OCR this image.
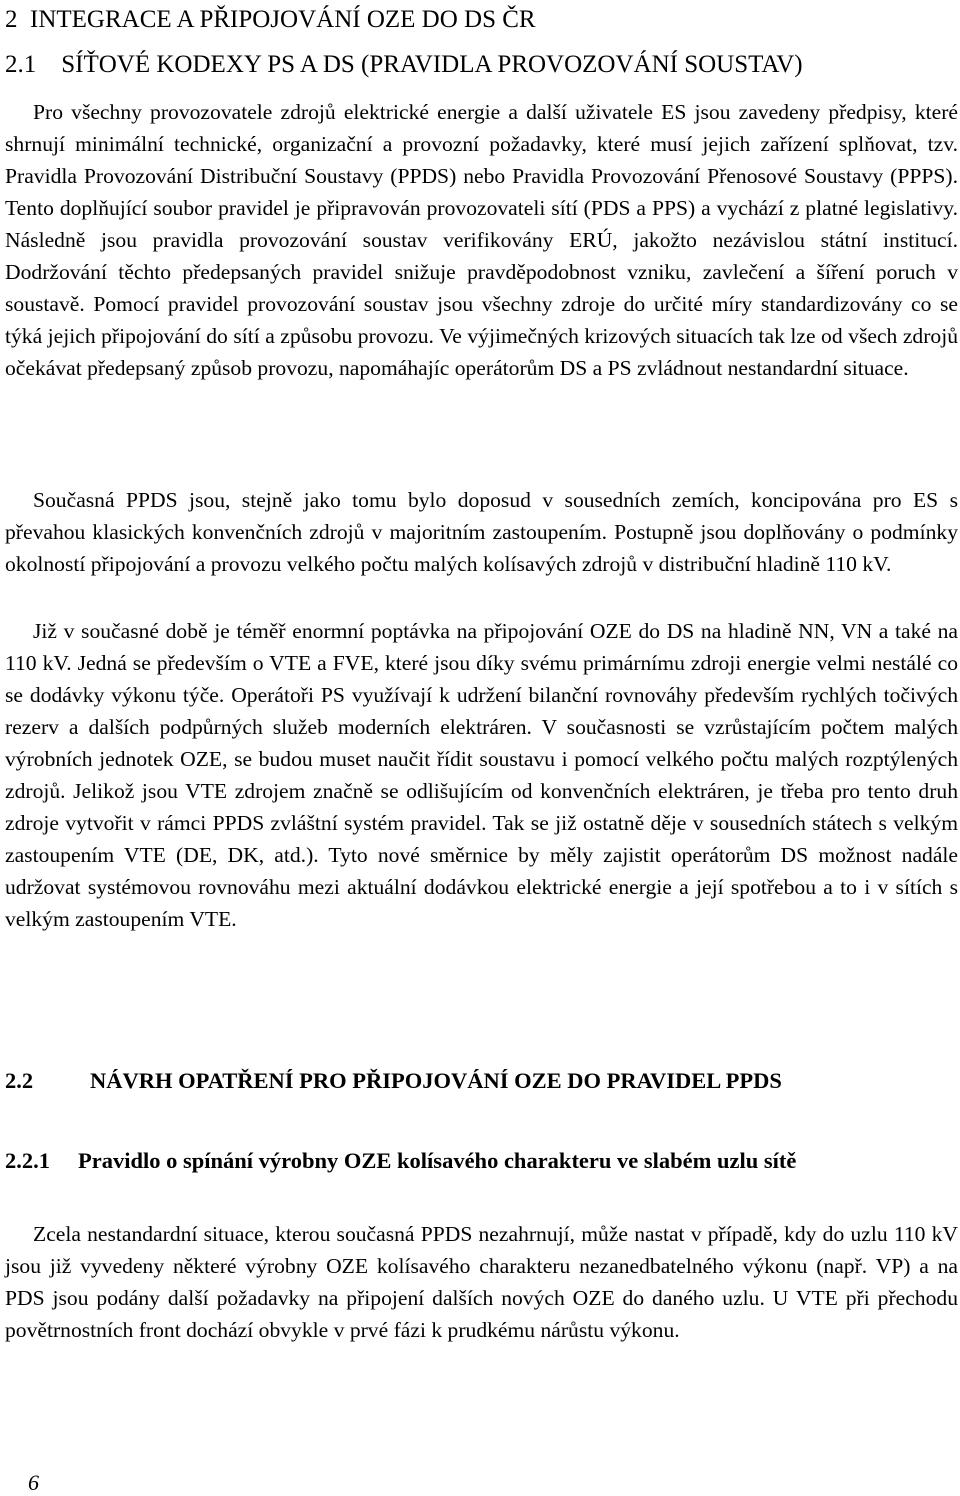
2 INTEGRACE A PŘIPOJOVÁNÍ OZE DO DS ČR
2.1 SÍŤOVÉ KODEXY PS A DS (PRAVIDLA PROVOZOVÁNÍ SOUSTAV)

Pro všechny provozovatele zdrojů elektrické energie a další uživatele ES jsou zavedeny předpisy, které shrnují minimální technické, organizační a provozní požadavky, které musí jejich zařízení splňovat, tzv. Pravidla Provozování Distribuční Soustavy (PPDS) nebo Pravidla Provozování Přenosové Soustavy (PPPS). Tento doplňující soubor pravidel je připravován provozovateli sítí (PDS a PPS) a vychází z platné legislativy. Následně jsou pravidla provozování soustav verifikovány ERÚ, jakožto nezávislou státní institucí. Dodržování těchto předepsaných pravidel snižuje pravděpodobnost vzniku, zavlečení a šíření poruch v soustavě. Pomocí pravidel provozování soustav jsou všechny zdroje do určité míry standardizovány co se týká jejich připojování do sítí a způsobu provozu. Ve výjimečných krizových situacích tak lze od všech zdrojů očekávat předepsaný způsob provozu, napomáhajíc operátorům DS a PS zvládnout nestandardní situace.

Současná PPDS jsou, stejně jako tomu bylo doposud v sousedních zemích, koncipována pro ES s převahou klasických konvenčních zdrojů v majoritním zastoupením. Postupně jsou doplňovány o podmínky okolností připojování a provozu velkého počtu malých kolísavých zdrojů v distribuční hladině 110 kV.

Již v současné době je téměř enormní poptávka na připojování OZE do DS na hladině NN, VN a také na 110 kV. Jedná se především o VTE a FVE, které jsou díky svému primárnímu zdroji energie velmi nestálé co se dodávky výkonu týče. Operátoři PS využívají k udržení bilanční rovnováhy především rychlých točivých rezerv a dalších podpůrných služeb moderních elektráren. V současnosti se vzrůstajícím počtem malých výrobních jednotek OZE, se budou muset naučit řídit soustavu i pomocí velkého počtu malých rozptýlených zdrojů. Jelikož jsou VTE zdrojem značně se odlišujícím od konvenčních elektráren, je třeba pro tento druh zdroje vytvořit v rámci PPDS zvláštní systém pravidel. Tak se již ostatně děje v sousedních státech s velkým zastoupením VTE (DE, DK, atd.). Tyto nové směrnice by měly zajistit operátorům DS možnost nadále udržovat systémovou rovnováhu mezi aktuální dodávkou elektrické energie a její spotřebou a to i v sítích s velkým zastoupením VTE.

2.2	NÁVRH OPATŘENÍ PRO PŘIPOJOVÁNÍ OZE DO PRAVIDEL PPDS
2.2.1 Pravidlo o spínání výrobny OZE kolísavého charakteru ve slabém uzlu sítě

Zcela nestandardní situace, kterou současná PPDS nezahrnují, může nastat v případě, kdy do uzlu 110 kV jsou již vyvedeny některé výrobny OZE kolísavého charakteru nezanedbatelného výkonu (např. VP) a na PDS jsou podány další požadavky na připojení dalších nových OZE do daného uzlu. U VTE při přechodu povětrnostních front dochází obvykle v prvé fázi k prudkému nárůstu výkonu.

6
